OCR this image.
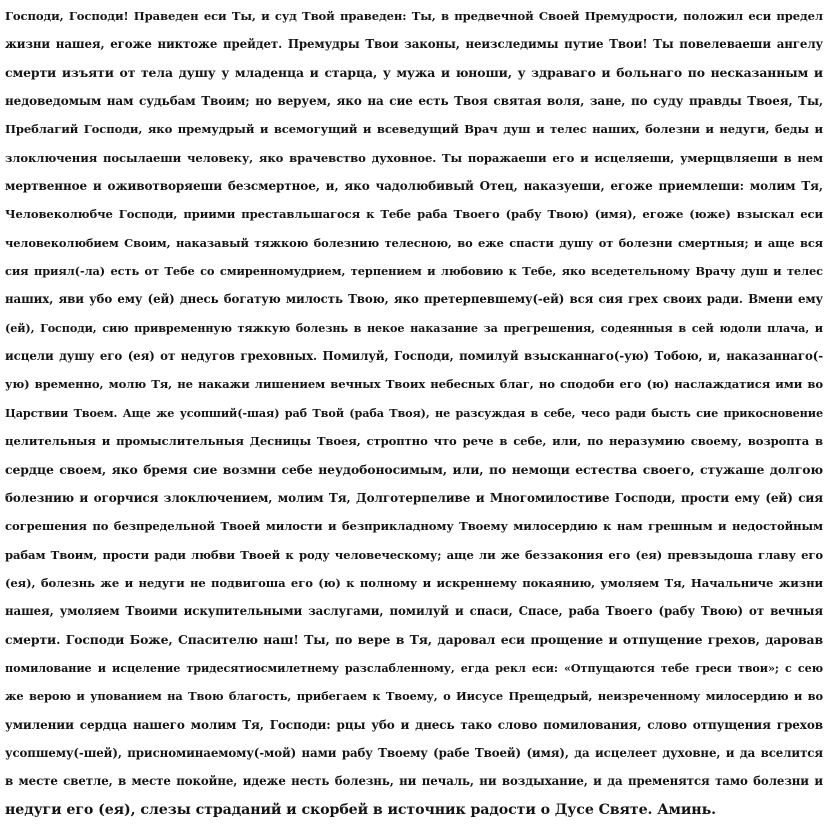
Господи, Господи! Праведен еси Ты, и суд Твой праведен: Ты, в предвечной Своей Премудрости, положил еси предел
жизни нашея, егоже никтоже прейдет. Премудры Твои законы, неизследимы путие Твои! Ты повелеваеши ангелу
смерти изъяти от тела душу у младенца и старца, у мужа и юноши, у здраваго и больнаго по несказанным и
недоведомым нам судьбам Твоим; но веруем, яко на сие есть Твоя святая воля, зане, по суду правды Твоея, Ты,
Преблагий Господи, яко премудрый и всемогущий и всеведущий Врач душ и телес наших, болезни и недуги, беды и
злоключения посылаеши человеку, яко врачевство духовное. Ты поражаеши его и исцеляеши, умерщвляеши в нем
мертвенное и оживотворяеши безсмертное, и, яко чадолюбивый Отец, наказуеши, егоже приемлеши: молим Тя,
Человеколюбче Господи, приими преставльшагося к Тебе раба Твоего (рабу Твою) (имя), егоже (юже) взыскал еси
человеколюбием Своим, наказавый тяжкою болезнию телесною, во еже спасти душу от болезни смертныя; и аще вся
сия приял(-ла) есть от Тебе со смиренномудрием, терпением и любовию к Тебе, яко вседетельному Врачу душ и телес
наших, яви убо ему (ей) днесь богатую милость Твою, яко претерпевшему(-ей) вся сия грех своих ради. Вмени ему
(ей), Господи, сию привременную тяжкую болезнь в некое наказание за прегрешения, содеянныя в сей юдоли плача, и
исцели душу его (ея) от недугов греховных. Помилуй, Господи, помилуй взысканнаго(-ую) Тобою, и, наказаннаго(-
ую) временно, молю Тя, не накажи лишением вечных Твоих небесных благ, но сподоби его (ю) наслаждатися ими во
Царствии Твоем. Аще же усопший(-шая) раб Твой (раба Твоя), не разсуждая в себе, чесо ради бысть сие прикосновение
целительныя и промыслительныя Десницы Твоея, строптно что рече в себе, или, по неразумию своему, возропта в
сердце своем, яко бремя сие возмни себе неудобоносимым, или, по немощи естества своего, стужаше долгою
болезнию и огорчися злоключением, молим Тя, Долготерпеливе и Многомилостиве Господи, прости ему (ей) сия
согрешения по безпредельной Твоей милости и безприкладному Твоему милосердию к нам грешным и недостойным
рабам Твоим, прости ради любви Твоей к роду человеческому; аще ли же беззакония его (ея) превзыдоша главу его
(ея), болезнь же и недуги не подвигоша его (ю) к полному и искреннему покаянию, умоляем Тя, Начальниче жизни
нашея, умоляем Твоими искупительными заслугами, помилуй и спаси, Спасе, раба Твоего (рабу Твою) от вечныя
смерти. Господи Боже, Спасителю наш! Ты, по вере в Тя, даровал еси прощение и отпущение грехов, даровав
помилование и исцеление тридесятиосмилетнему разслабленному, егда рекл еси: «Отпущаются тебе греси твои»; с сею
же верою и упованием на Твою благость, прибегаем к Твоему, о Иисусе Прещедрый, неизреченному милосердию и во
умилении сердца нашего молим Тя, Господи: рцы убо и днесь тако слово помилования, слово отпущения грехов
усопшему(-шей), присноминаемому(-мой) нами рабу Твоему (рабе Твоей) (имя), да исцелеет духовне, и да вселится
в месте светле, в месте покойне, идеже несть болезнь, ни печаль, ни воздыхание, и да пременятся тамо болезни и
недуги его (ея), слезы страданий и скорбей в источник радости о Дусе Святе. Аминь.
